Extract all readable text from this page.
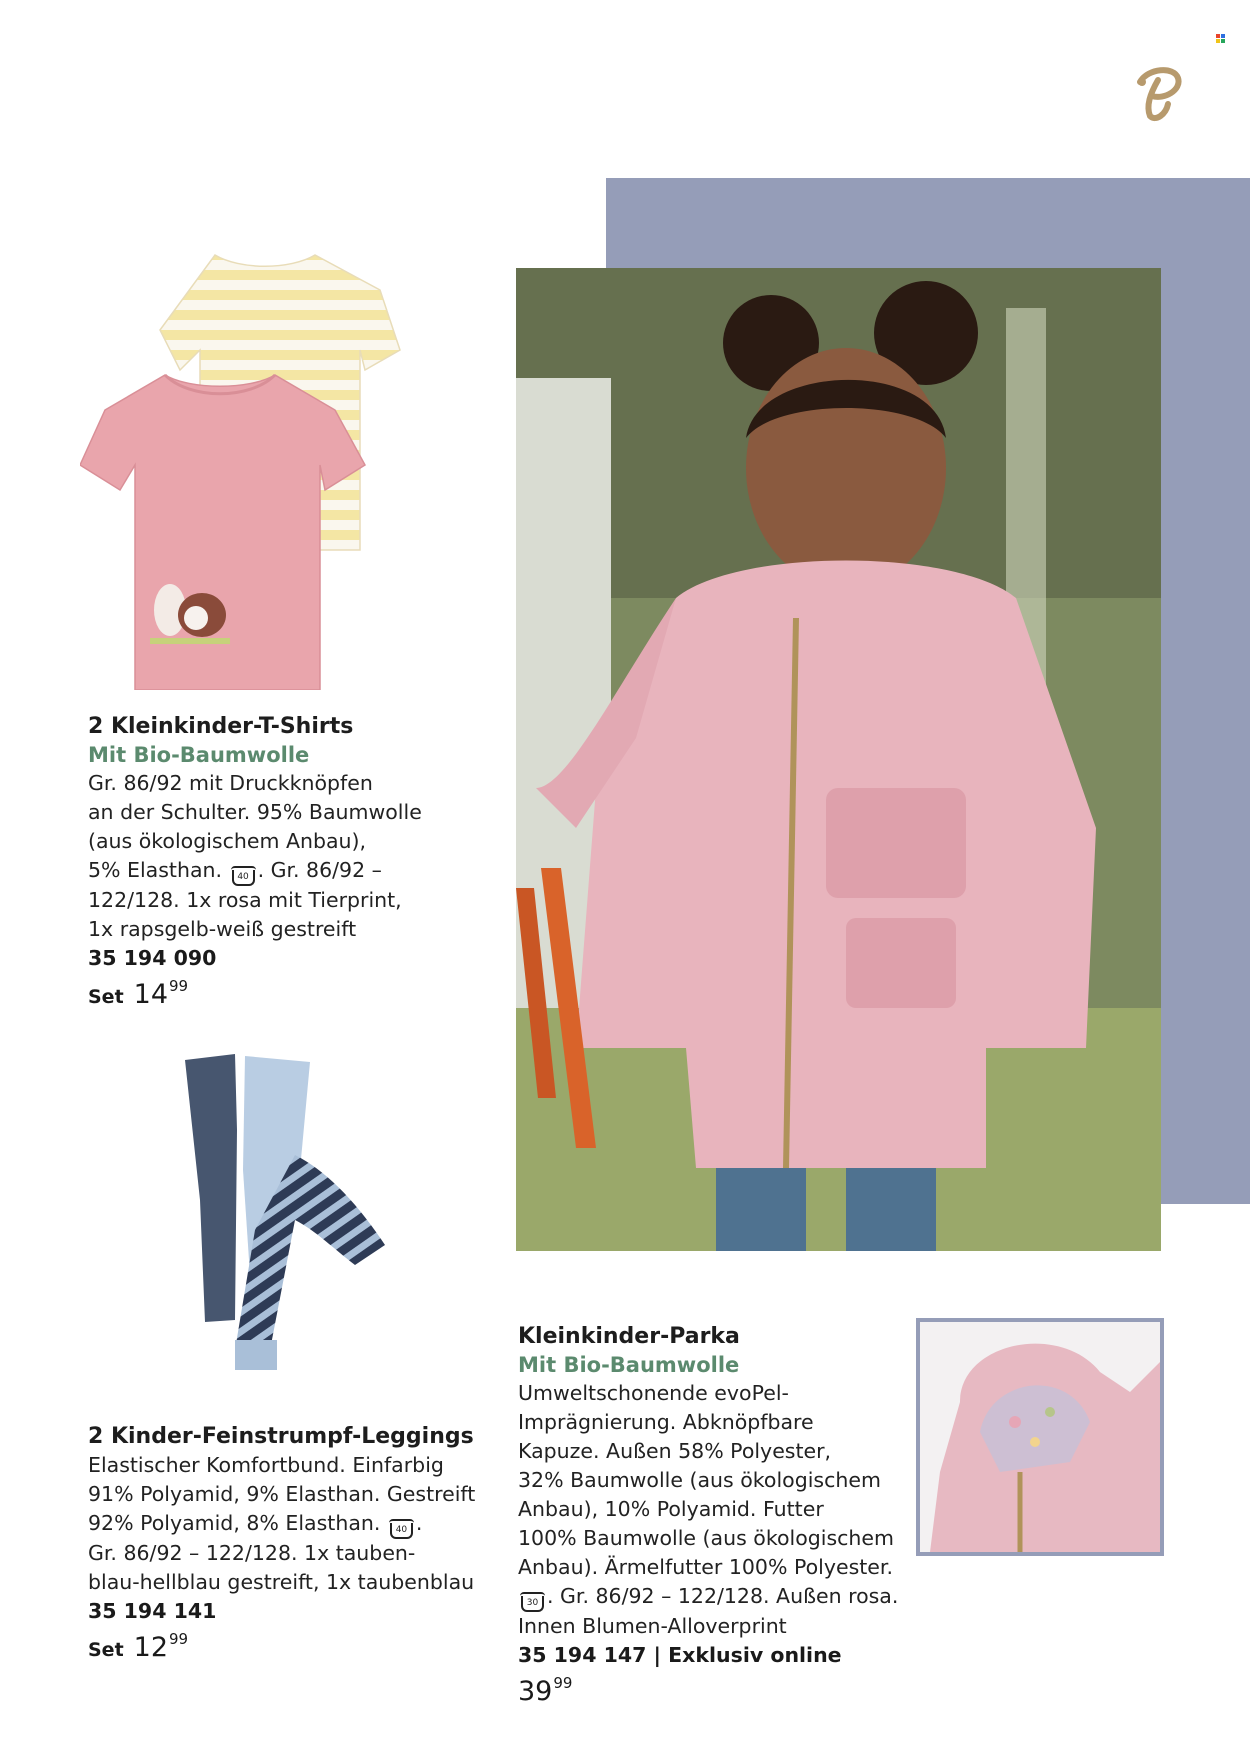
2 Kleinkinder-T-Shirts
Mit Bio-Baumwolle
Gr. 86/92 mit Druckknöpfen
an der Schulter. 95% Baumwolle
(aus ökologischem Anbau),
5% Elasthan. 40 . Gr. 86/92 –
122/128. 1x rosa mit Tierprint,
1x rapsgelb-weiß gestreift
35 194 090
Set 14 99
2 Kinder-Feinstrumpf-Leggings
Elastischer Komfortbund. Einfarbig
91% Polyamid, 9% Elasthan. Gestreift
92% Polyamid, 8% Elasthan. 40 .
Gr. 86/92 – 122/128. 1x tauben-
blau-hellblau gestreift, 1x taubenblau
35 194 141
Set 12 99
Kleinkinder-Parka
Mit Bio-Baumwolle
Umweltschonende evoPel-
Imprägnierung. Abknöpfbare
Kapuze. Außen 58% Polyester,
32% Baumwolle (aus ökologischem
Anbau), 10% Polyamid. Futter
100% Baumwolle (aus ökologischem
Anbau). Ärmelfutter 100% Polyester.
30 . Gr. 86/92 – 122/128. Außen rosa.
Innen Blumen-Alloverprint
35 194 147 | Exklusiv online
39 99
